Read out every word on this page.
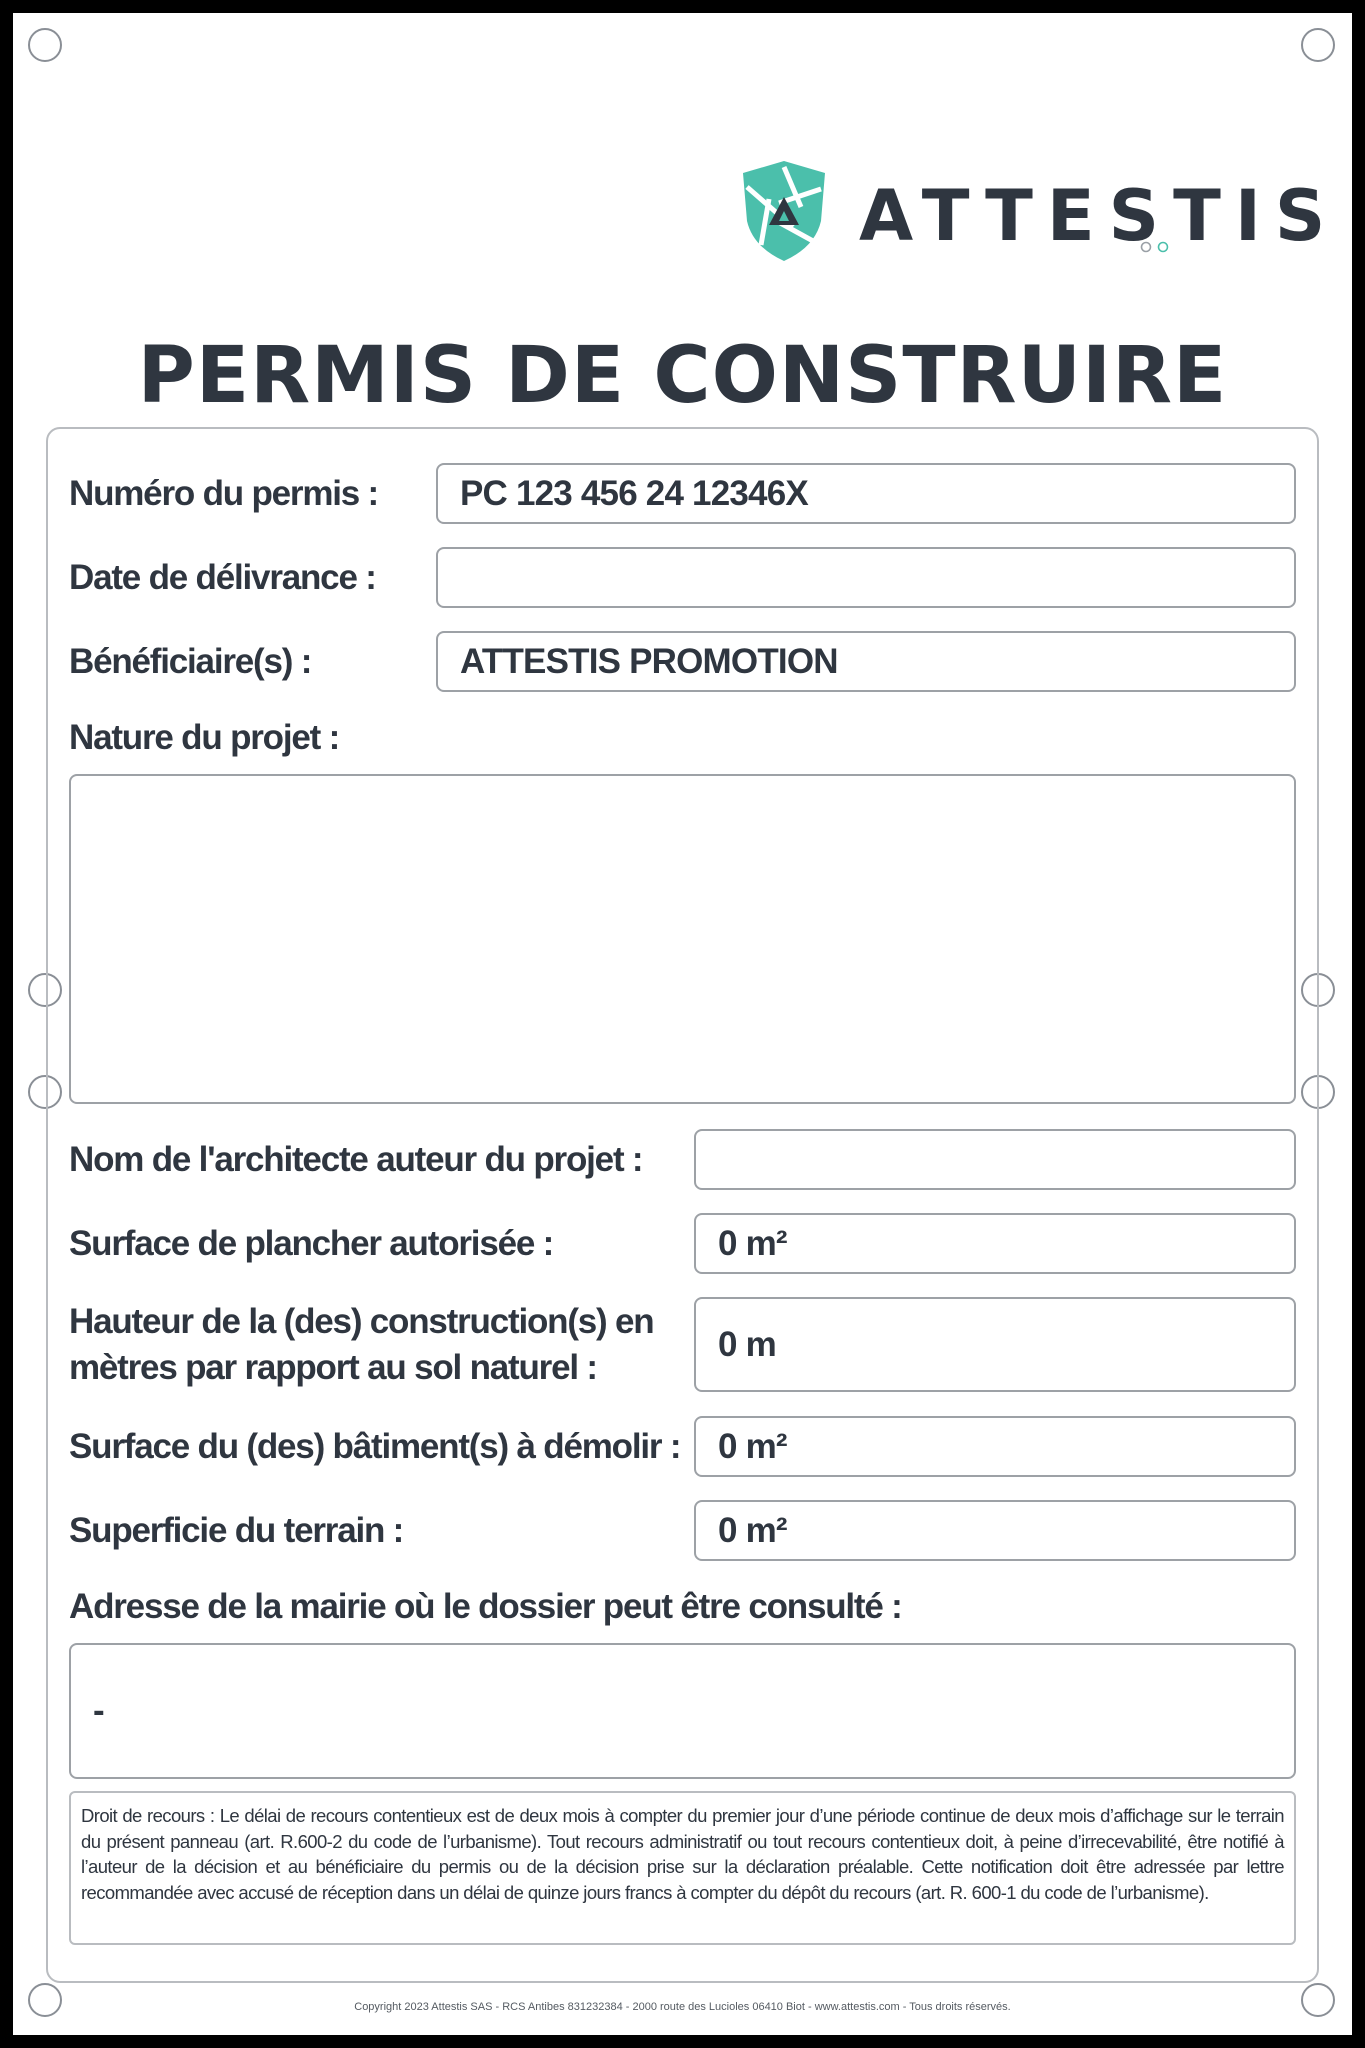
ATTESTIS
PERMIS DE CONSTRUIRE
Numéro du permis :	PC 123 456 24 12346X
Date de délivrance :
Bénéficiaire(s) :	ATTESTIS PROMOTION
Nature du projet :
Nom de l'architecte auteur du projet :
Surface de plancher autorisée :	0 m²
Hauteur de la (des) construction(s) en mètres par rapport au sol naturel :
0 m
Surface du (des) bâtiment(s) à démolir :	0 m²
Superficie du terrain :	0 m²
Adresse de la mairie où le dossier peut être consulté :
-
Droit de recours : Le délai de recours contentieux est de deux mois à compter du premier jour d’une période continue de deux mois d’affichage sur le terrain du présent panneau (art. R.600-2 du code de l’urbanisme). Tout recours administratif ou tout recours contentieux doit, à peine d’irrecevabilité, être notifié à l’auteur de la décision et au bénéficiaire du permis ou de la décision prise sur la déclaration préalable. Cette notification doit être adressée par lettre recommandée avec accusé de réception dans un délai de quinze jours francs à compter du dépôt du recours (art. R. 600-1 du code de l’urbanisme).
Copyright 2023 Attestis SAS - RCS Antibes 831232384 - 2000 route des Lucioles 06410 Biot - www.attestis.com - Tous droits réservés.
